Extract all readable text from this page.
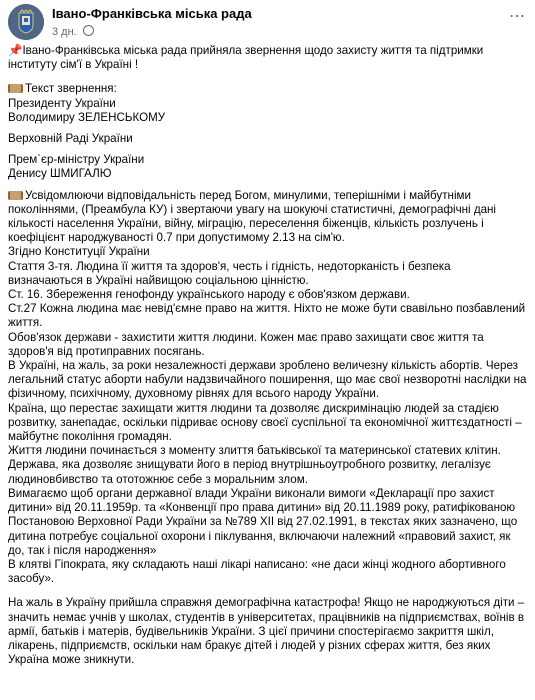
Івано-Франківська міська рада
3 дн.
⋯

📌Івано-Франківська міська рада прийняла звернення щодо захисту життя та підтримки інституту сім'ї в Україні !

Текст звернення:

Президенту України

Володимиру ЗЕЛЕНСЬКОМУ

Верховній Раді України

Прем`єр-міністру України

Денису ШМИГАЛЮ

Усвідомлюючи відповідальність перед Богом, минулими, теперішніми і майбутніми поколіннями, (Преамбула КУ) і звертаючи увагу на шокуючі статистичні, демографічні дані кількості населення України, війну, міграцію, переселення біженців, кількість розлучень і коефіцієнт народжуваності 0.7 при допустимому 2.13 на сім'ю.

Згідно Конституції України

Стаття 3-тя. Людина її життя та здоров'я, честь і гідність, недоторканість і безпека визначаються в Україні найвищою соціальною цінністю.

Ст. 16. Збереження генофонду українського народу є обов'язком держави.

Ст.27 Кожна людина має невід'ємне право на життя. Ніхто не може бути свавільно позбавлений життя.

Обов'язок держави - захистити життя людини. Кожен має право захищати своє життя та здоров'я від протиправних посягань.

В Україні, на жаль, за роки незалежності держави зроблено величезну кількість абортів. Через легальний статус аборти набули надзвичайного поширення, що має свої незворотні наслідки на фізичному, психічному, духовному рівнях для всього народу України.

Країна, що перестає захищати життя людини та дозволяє дискримінацію людей за стадією розвитку, занепадає, оскільки підриває основу своєї суспільної та економічної життєздатності – майбутнє покоління громадян.

Життя людини починається з моменту злиття батьківської та материнської статевих клітин.

Держава, яка дозволяє знищувати його в період внутрішньоутробного розвитку, легалізує людиновбивство та ототожнює себе з моральним злом.

Вимагаємо щоб органи державної влади України виконали вимоги «Декларації про захист дитини» від 20.11.1959р. та «Конвенції про права дитини» від 20.11.1989 року, ратифікованою Постановою Верховної Ради України за №789 XII від 27.02.1991, в текстах яких зазначено, що дитина потребує соціальної охорони і піклування, включаючи належний «правовий захист, як до, так і після народження»

В клятві Гіпократа, яку складають наші лікарі написано: «не даси жінці жодного абортивного засобу».

На жаль в Україну прийшла справжня демографічна катастрофа! Якщо не народжуються діти – значить немає учнів у школах, студентів в університетах, працівників на підприємствах, воїнів в армії, батьків і матерів, будівельників України. З цієї причини спостерігаємо закриття шкіл, лікарень, підприємств, оскільки нам бракує дітей і людей у різних сферах життя, без яких Україна може зникнути.
